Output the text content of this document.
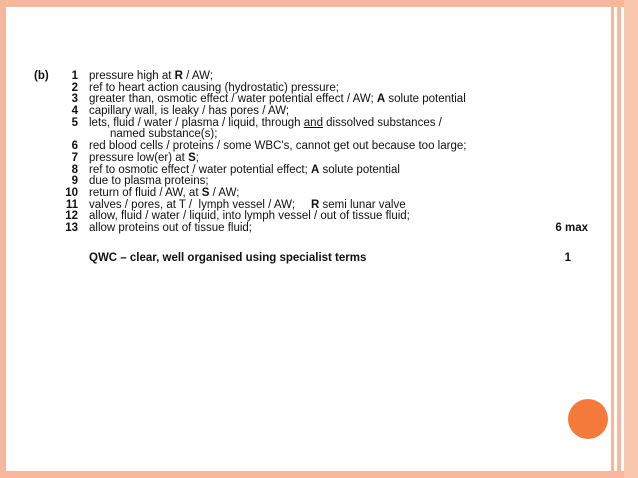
(b)	1 pressure high at R / AW;
2 ref to heart action causing (hydrostatic) pressure;
3 greater than, osmotic effect / water potential effect / AW; A solute potential
4 capillary wall, is leaky / has pores / AW;
5 lets, fluid / water / plasma / liquid, through and dissolved substances /
named substance(s);
6 red blood cells / proteins / some WBC's, cannot get out because too large;
7 pressure low(er) at S;
8 ref to osmotic effect / water potential effect; A solute potential
9 due to plasma proteins;
10 return of fluid / AW, at S / AW;
11 valves / pores, at T /  lymph vessel / AW;     R semi lunar valve
12 allow, fluid / water / liquid, into lymph vessel / out of tissue fluid;
13 allow proteins out of tissue fluid;	6 max
QWC – clear, well organised using specialist terms	1
